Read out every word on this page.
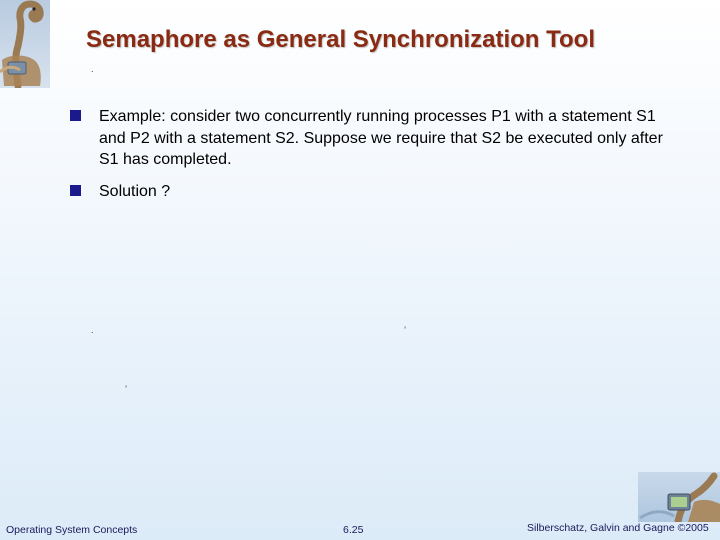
Semaphore as General Synchronization Tool
.
Example: consider two concurrently running processes P1 with a statement S1 and P2 with a statement S2. Suppose we require that S2 be executed only after S1 has completed.
Solution ?
.	’
’
Operating System Concepts	6.25	Silberschatz, Galvin and Gagne ©2005
